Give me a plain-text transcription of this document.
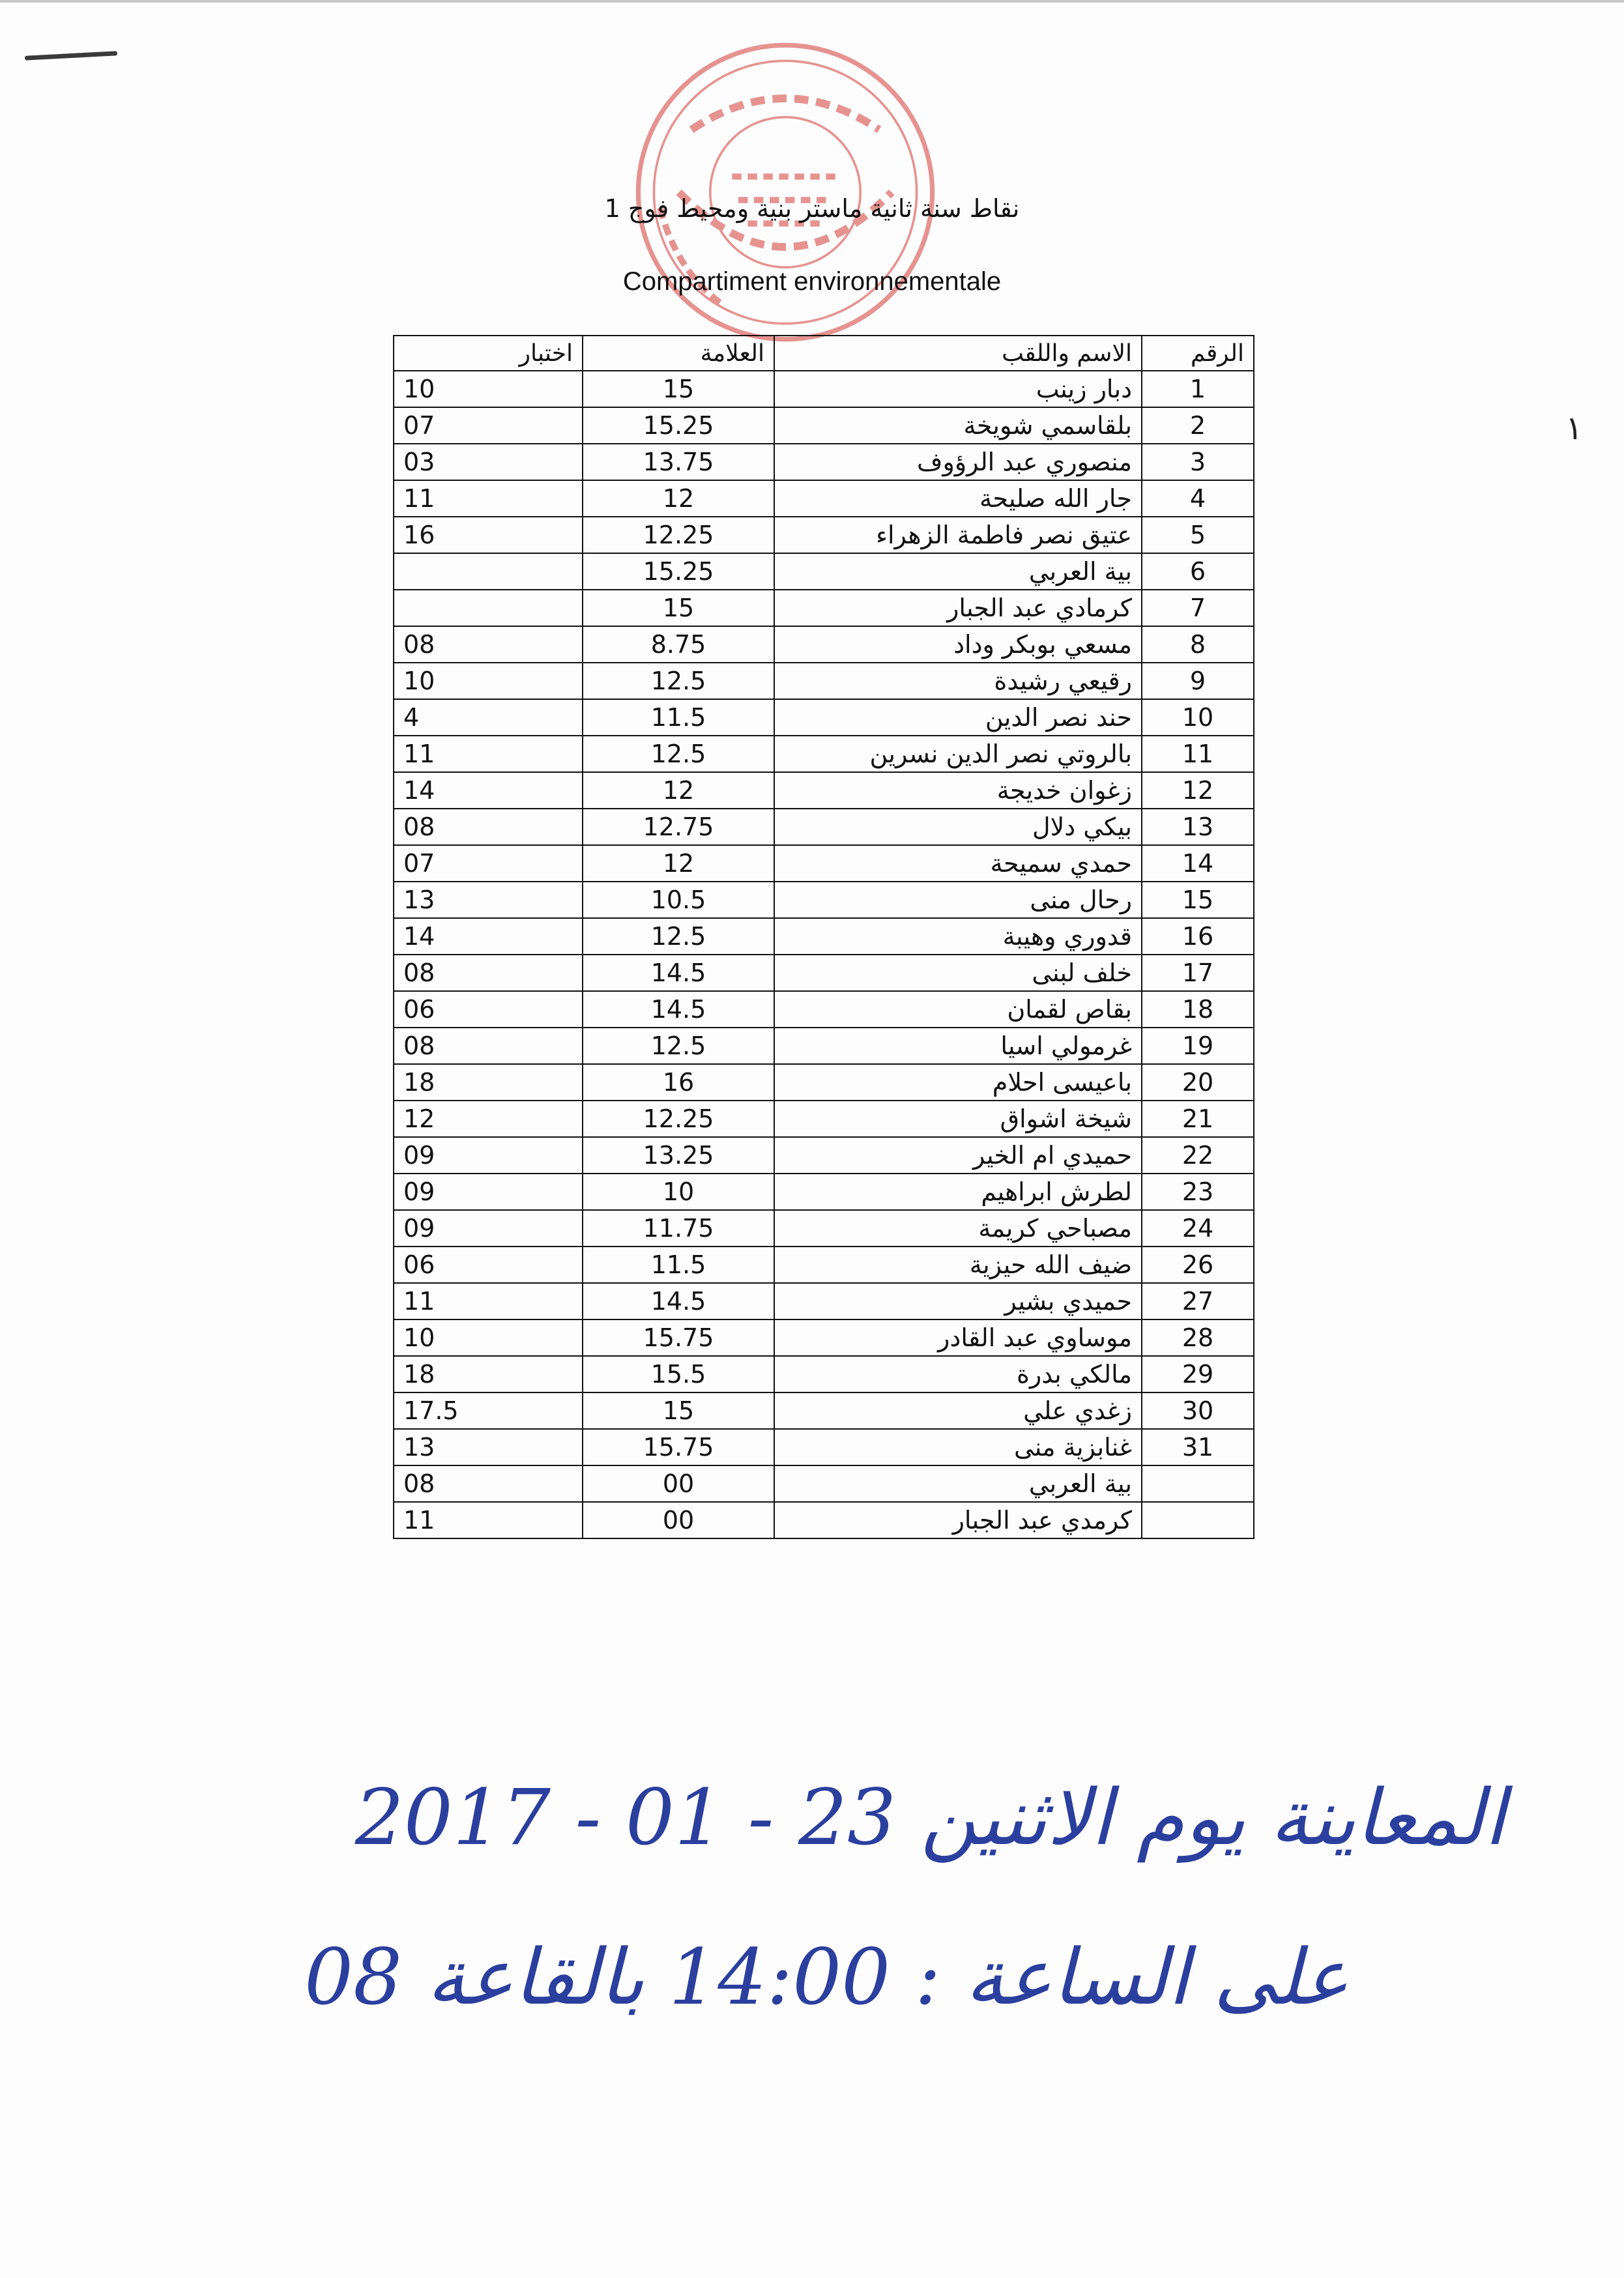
١
نقاط سنة ثانية ماستر بنية ومحيط فوج 1
Compartiment environnementale
الرقم	الاسم واللقب	العلامة	اختبار
1	دبار زينب	15	10
2	بلقاسمي شويخة	15.25	07
3	منصوري عبد الرؤوف	13.75	03
4	جار الله صليحة	12	11
5	عتيق نصر فاطمة الزهراء	12.25	16
6	بية العربي	15.25	
7	كرمادي عبد الجبار	15	
8	مسعي بوبكر وداد	8.75	08
9	رقيعي رشيدة	12.5	10
10	حند نصر الدين	11.5	4
11	بالروتي نصر الدين نسرين	12.5	11
12	زغوان خديجة	12	14
13	بيكي دلال	12.75	08
14	حمدي سميحة	12	07
15	رحال منى	10.5	13
16	قدوري وهيبة	12.5	14
17	خلف لبنى	14.5	08
18	بقاص لقمان	14.5	06
19	غرمولي اسيا	12.5	08
20	باعيسى احلام	16	18
21	شيخة اشواق	12.25	12
22	حميدي ام الخير	13.25	09
23	لطرش ابراهيم	10	09
24	مصباحي كريمة	11.75	09
26	ضيف الله حيزية	11.5	06
27	حميدي بشير	14.5	11
28	موساوي عبد القادر	15.75	10
29	مالكي بدرة	15.5	18
30	زغدي علي	15	17.5
31	غنابزية منى	15.75	13
	بية العربي	00	08
	كرمدي عبد الجبار	00	11
المعاينة يوم الاثنين 23 - 01 - 2017
على الساعة : 14:00 بالقاعة 08
